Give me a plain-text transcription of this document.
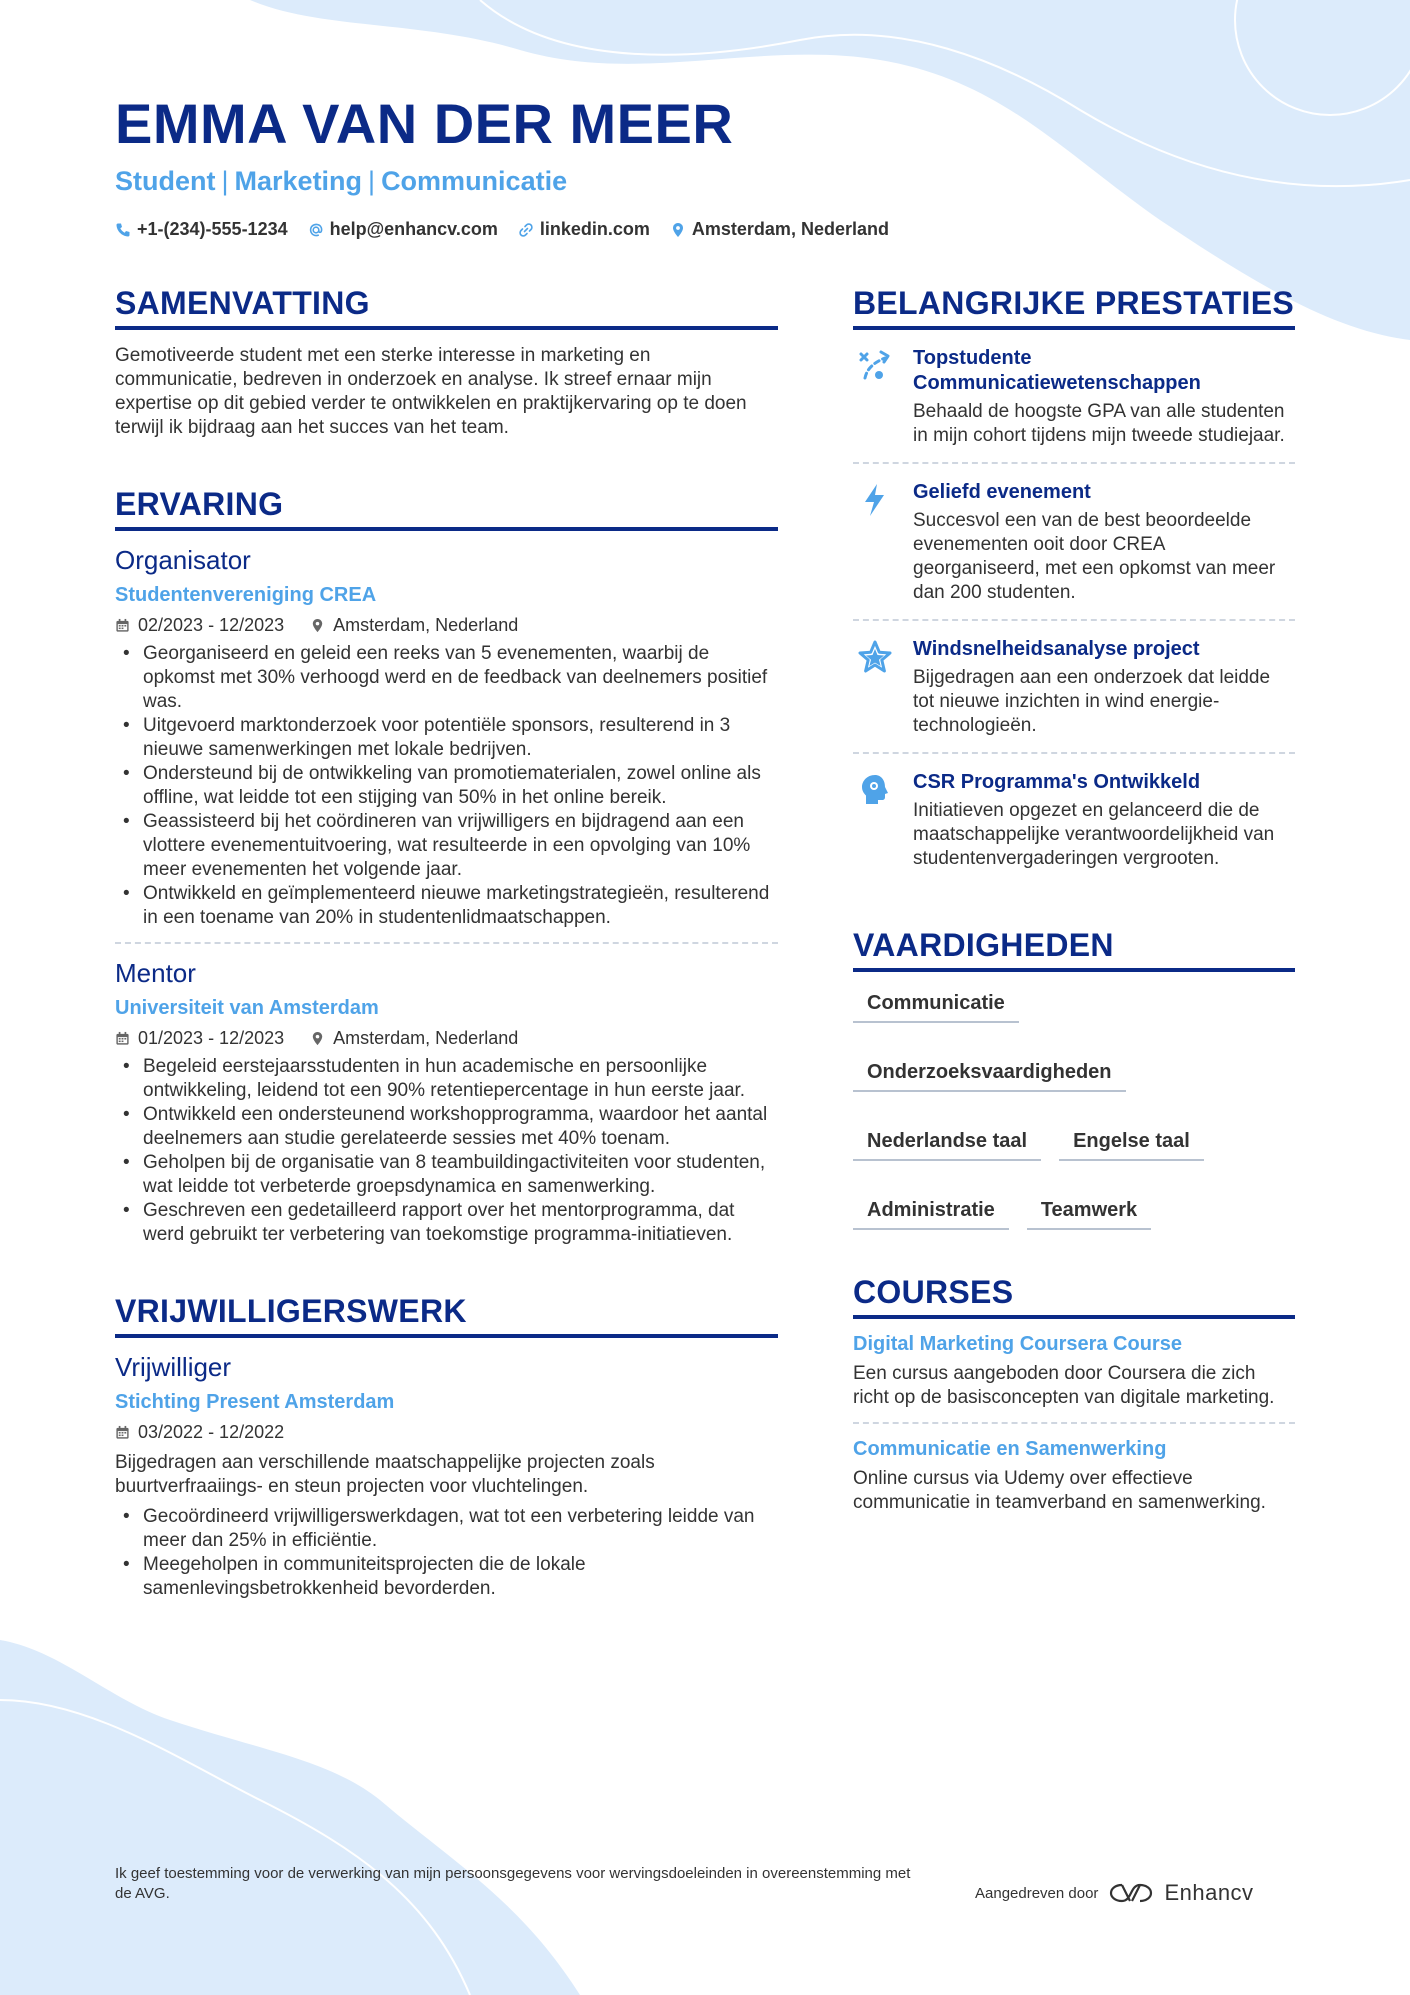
EMMA VAN DER MEER
Student | Marketing | Communicatie
+1-(234)-555-1234 help@enhancv.com linkedin.com Amsterdam, Nederland
SAMENVATTING
Gemotiveerde student met een sterke interesse in marketing en communicatie, bedreven in onderzoek en analyse. Ik streef ernaar mijn expertise op dit gebied verder te ontwikkelen en praktijkervaring op te doen terwijl ik bijdraag aan het succes van het team.
ERVARING
Organisator
Studentenvereniging CREA
02/2023 - 12/2023	Amsterdam, Nederland
• Georganiseerd en geleid een reeks van 5 evenementen, waarbij de opkomst met 30% verhoogd werd en de feedback van deelnemers positief was.
• Uitgevoerd marktonderzoek voor potentiële sponsors, resulterend in 3 nieuwe samenwerkingen met lokale bedrijven.
• Ondersteund bij de ontwikkeling van promotiematerialen, zowel online als offline, wat leidde tot een stijging van 50% in het online bereik.
• Geassisteerd bij het coördineren van vrijwilligers en bijdragend aan een vlottere evenementuitvoering, wat resulteerde in een opvolging van 10% meer evenementen het volgende jaar.
• Ontwikkeld en geïmplementeerd nieuwe marketingstrategieën, resulterend in een toename van 20% in studentenlidmaatschappen.
Mentor
Universiteit van Amsterdam
01/2023 - 12/2023	Amsterdam, Nederland
• Begeleid eerstejaarsstudenten in hun academische en persoonlijke ontwikkeling, leidend tot een 90% retentiepercentage in hun eerste jaar.
• Ontwikkeld een ondersteunend workshopprogramma, waardoor het aantal deelnemers aan studie gerelateerde sessies met 40% toenam.
• Geholpen bij de organisatie van 8 teambuildingactiviteiten voor studenten, wat leidde tot verbeterde groepsdynamica en samenwerking.
• Geschreven een gedetailleerd rapport over het mentorprogramma, dat werd gebruikt ter verbetering van toekomstige programma-initiatieven.
VRIJWILLIGERSWERK
Vrijwilliger
Stichting Present Amsterdam
03/2022 - 12/2022
Bijgedragen aan verschillende maatschappelijke projecten zoals buurtverfraaiings- en steun projecten voor vluchtelingen.
• Gecoördineerd vrijwilligerswerkdagen, wat tot een verbetering leidde van meer dan 25% in efficiëntie.
• Meegeholpen in communiteitsprojecten die de lokale samenlevingsbetrokkenheid bevorderden.
BELANGRIJKE PRESTATIES
Topstudente Communicatiewetenschappen
Behaald de hoogste GPA van alle studenten in mijn cohort tijdens mijn tweede studiejaar.
Geliefd evenement
Succesvol een van de best beoordeelde evenementen ooit door CREA georganiseerd, met een opkomst van meer dan 200 studenten.
Windsnelheidsanalyse project
Bijgedragen aan een onderzoek dat leidde tot nieuwe inzichten in wind energie-technologieën.
CSR Programma's Ontwikkeld
Initiatieven opgezet en gelanceerd die de maatschappelijke verantwoordelijkheid van studentenvergaderingen vergrooten.
VAARDIGHEDEN
Communicatie
Onderzoeksvaardigheden
Nederlandse taal	Engelse taal
Administratie	Teamwerk
COURSES
Digital Marketing Coursera Course
Een cursus aangeboden door Coursera die zich richt op de basisconcepten van digitale marketing.
Communicatie en Samenwerking
Online cursus via Udemy over effectieve communicatie in teamverband en samenwerking.
Ik geef toestemming voor de verwerking van mijn persoonsgegevens voor wervingsdoeleinden in overeenstemming met de AVG.	Aangedreven door	Enhancv
